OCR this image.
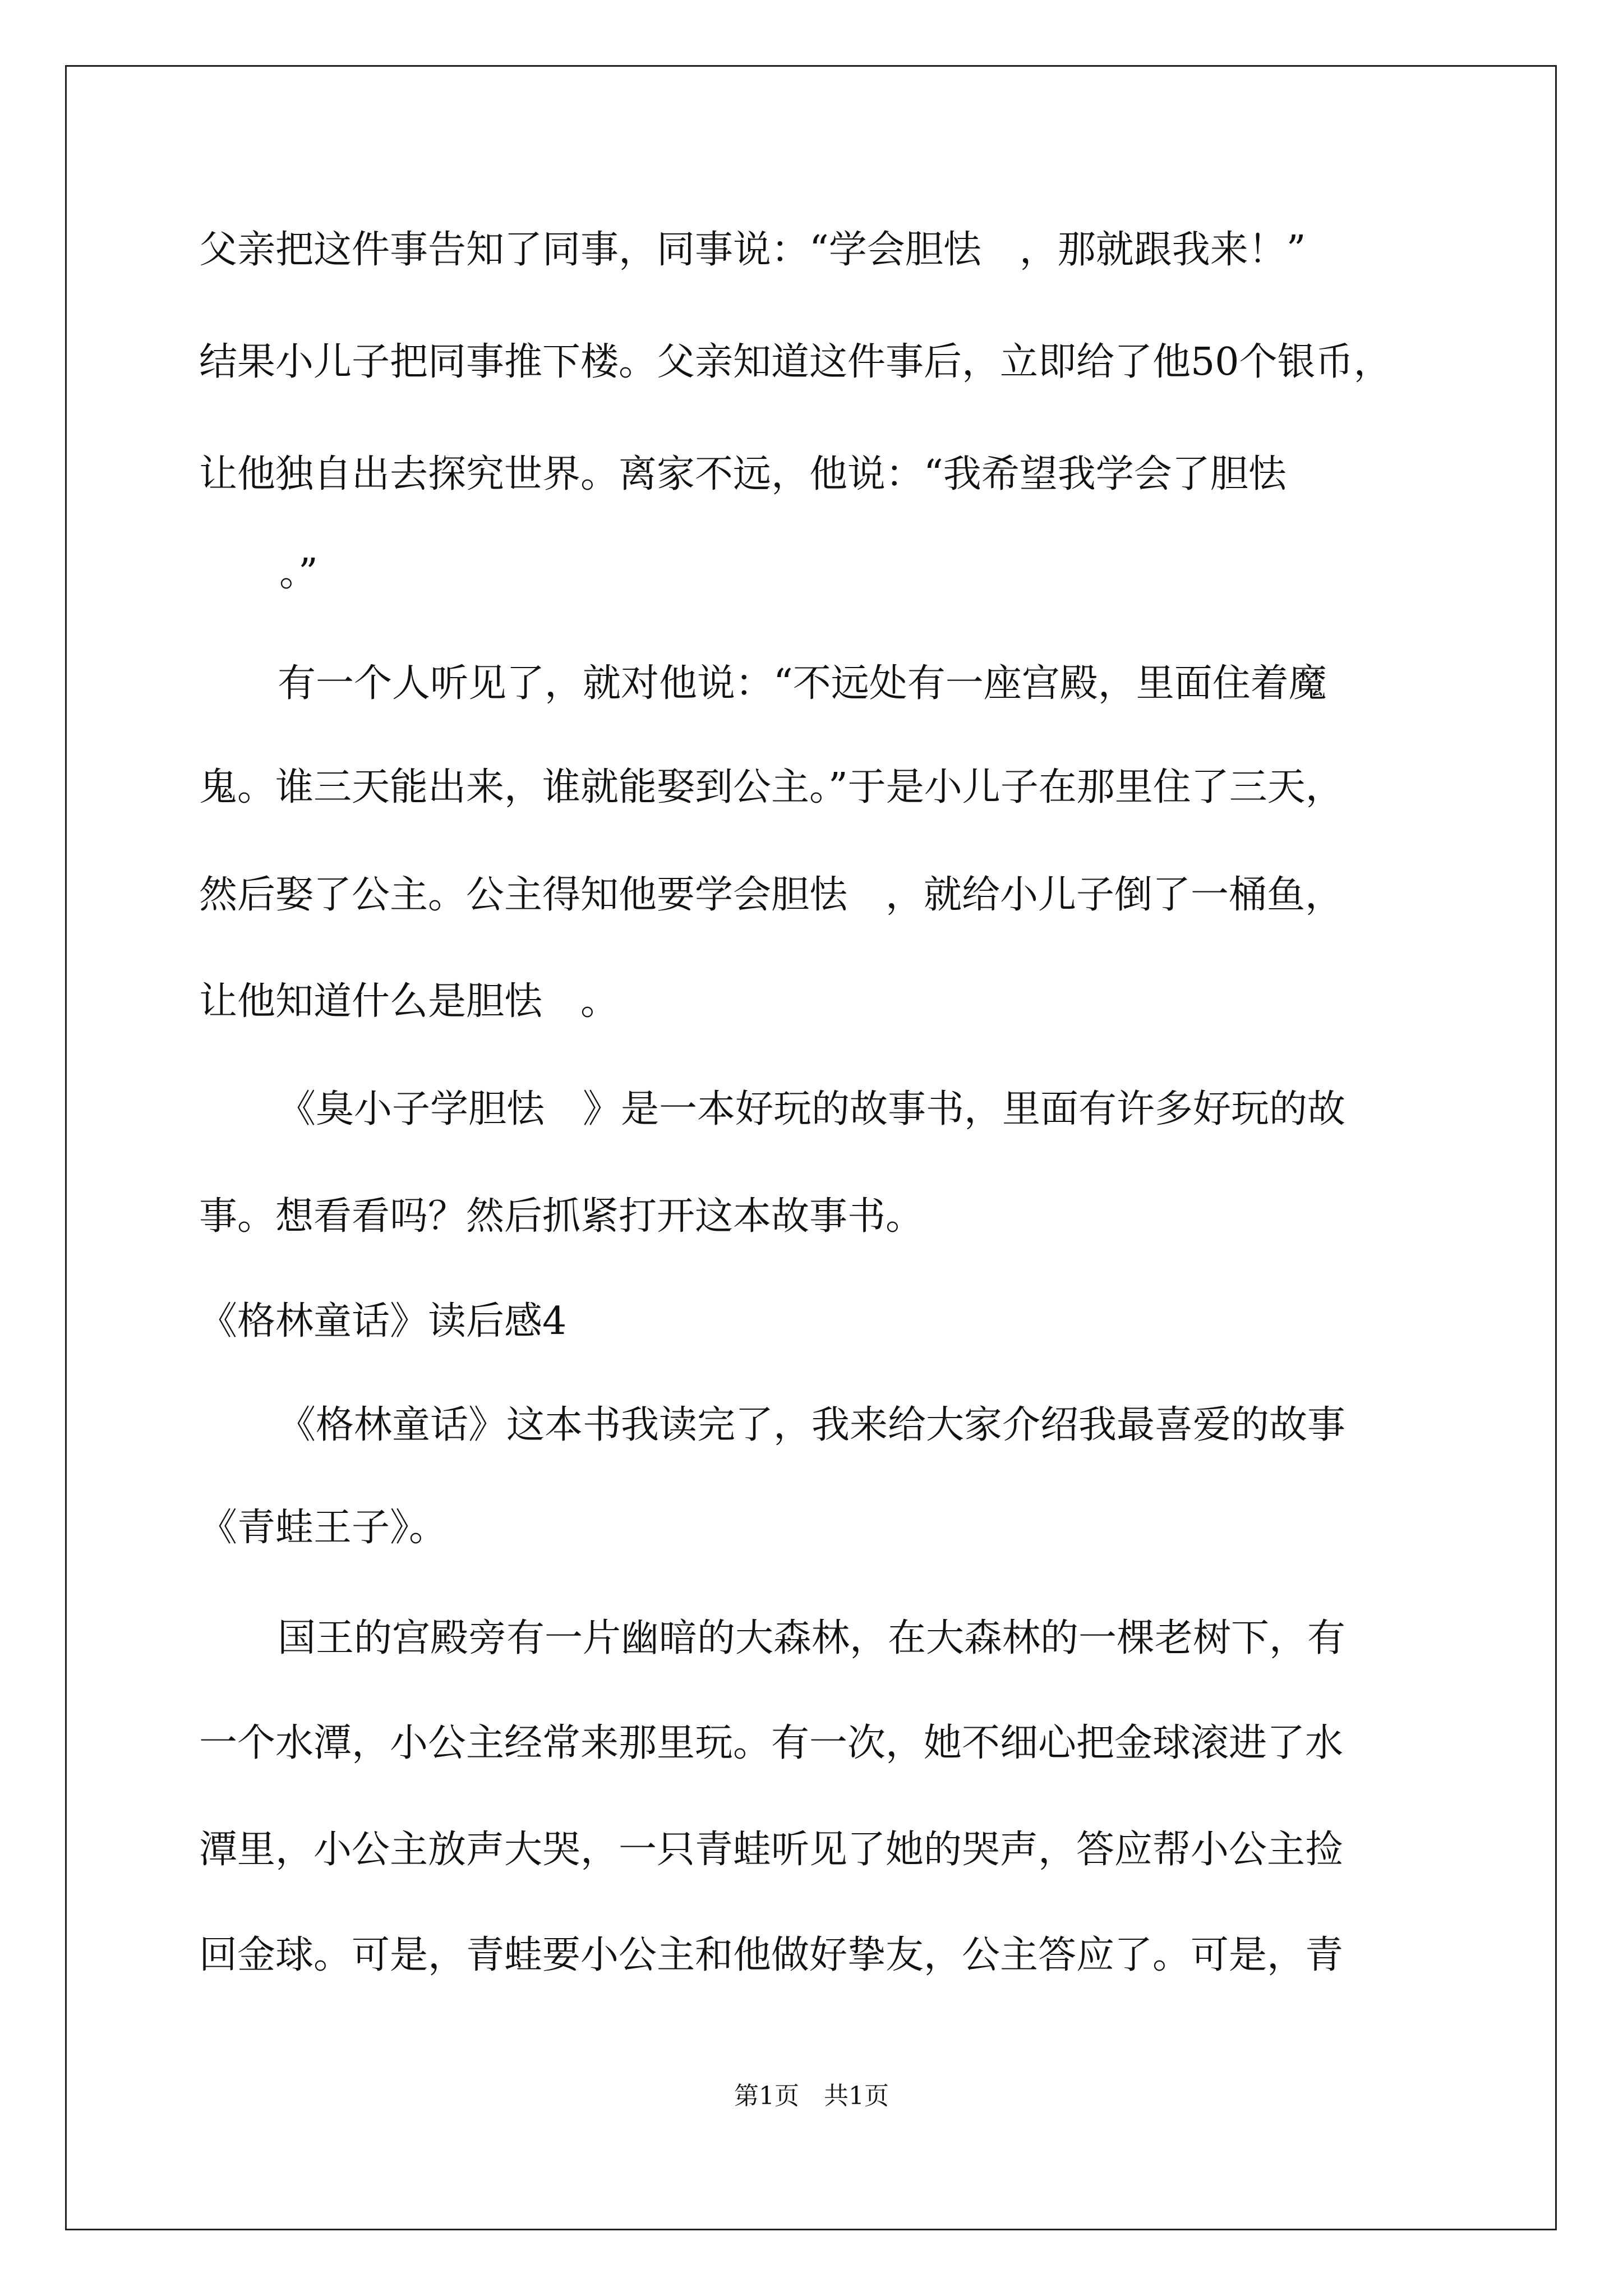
父亲把这件事告知了同事，同事说：“学会胆怯　，那就跟我来！”
结果小儿子把同事推下楼。父亲知道这件事后，立即给了他50个银币，
让他独自出去探究世界。离家不远，他说：“我希望我学会了胆怯
　。”
有一个人听见了，就对他说：“不远处有一座宫殿，里面住着魔
鬼。谁三天能出来，谁就能娶到公主。”于是小儿子在那里住了三天，
然后娶了公主。公主得知他要学会胆怯　，就给小儿子倒了一桶鱼，
让他知道什么是胆怯　。
《臭小子学胆怯　》是一本好玩的故事书，里面有许多好玩的故
事。想看看吗？然后抓紧打开这本故事书。
《格林童话》读后感4
《格林童话》这本书我读完了，我来给大家介绍我最喜爱的故事
《青蛙王子》。
国王的宫殿旁有一片幽暗的大森林，在大森林的一棵老树下，有
一个水潭，小公主经常来那里玩。有一次，她不细心把金球滚进了水
潭里，小公主放声大哭，一只青蛙听见了她的哭声，答应帮小公主捡
回金球。可是，青蛙要小公主和他做好挚友，公主答应了。可是，青
第1页　共1页
